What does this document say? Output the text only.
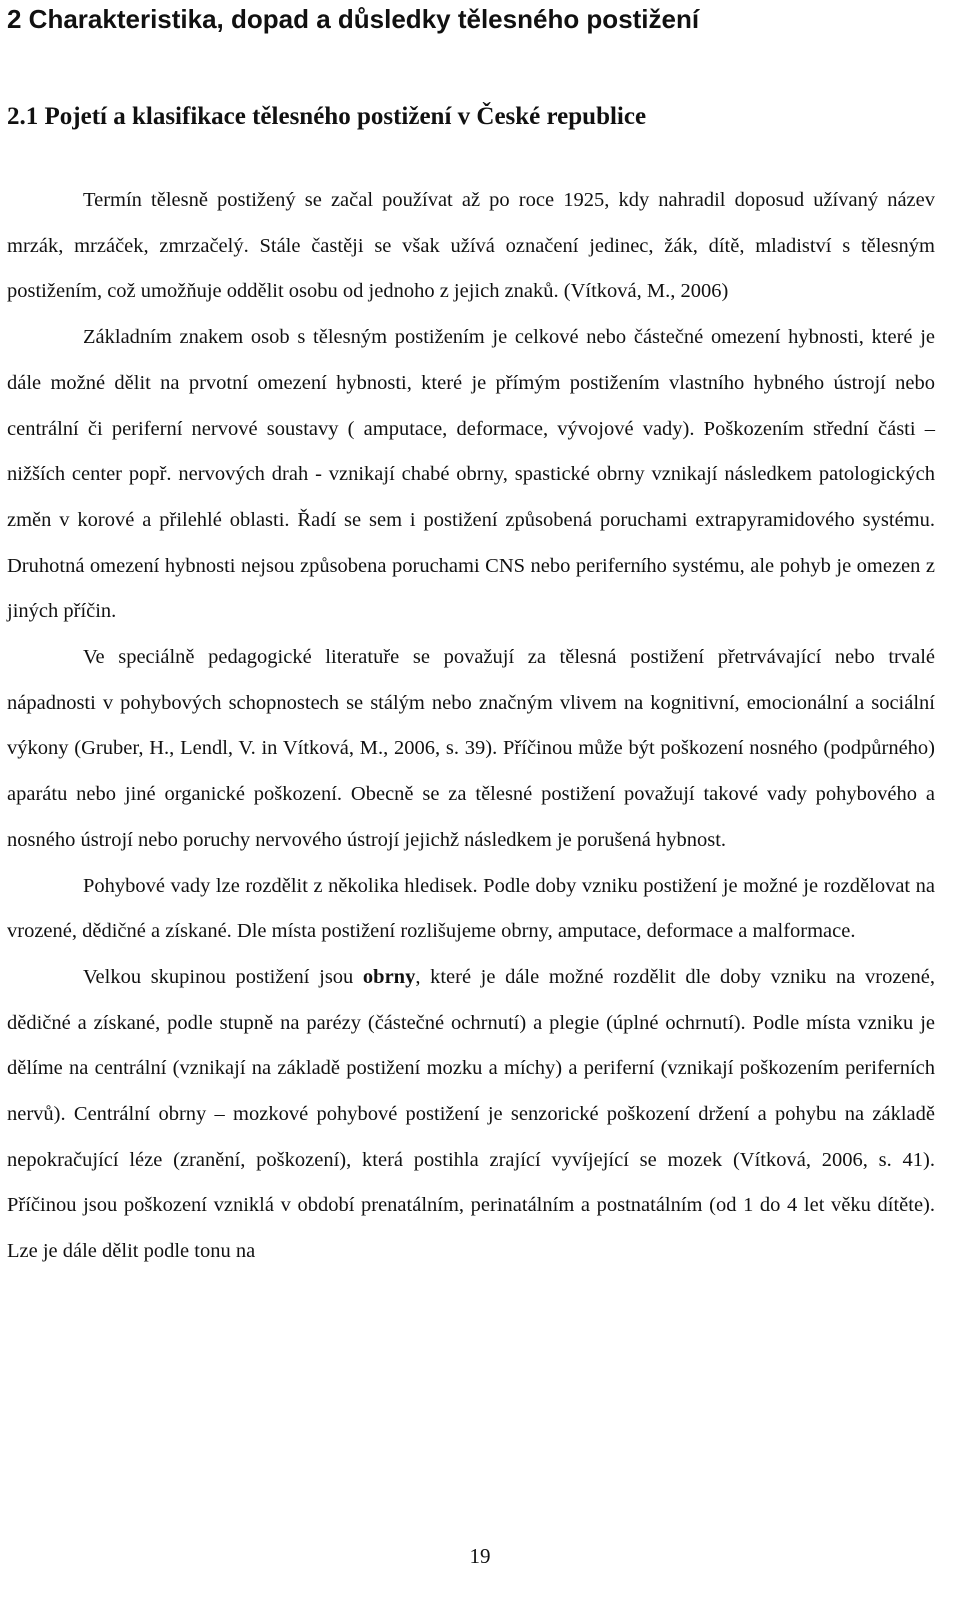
2 Charakteristika, dopad a důsledky tělesného postižení
2.1 Pojetí a klasifikace tělesného postižení v České republice

Termín tělesně postižený se začal používat až po roce 1925, kdy nahradil doposud užívaný název mrzák, mrzáček, zmrzačelý. Stále častěji se však užívá označení jedinec, žák, dítě, mladiství s tělesným postižením, což umožňuje oddělit osobu od jednoho z jejich znaků. (Vítková, M., 2006)

Základním znakem osob s tělesným postižením je celkové nebo částečné omezení hybnosti, které je dále možné dělit na prvotní omezení hybnosti, které je přímým postižením vlastního hybného ústrojí nebo centrální či periferní nervové soustavy ( amputace, deformace, vývojové vady). Poškozením střední části – nižších center popř. nervových drah - vznikají chabé obrny, spastické obrny vznikají následkem patologických změn v korové a přilehlé oblasti. Řadí se sem i postižení způsobená poruchami extrapyramidového systému. Druhotná omezení hybnosti nejsou způsobena poruchami CNS nebo periferního systému, ale pohyb je omezen z jiných příčin.

Ve speciálně pedagogické literatuře se považují za tělesná postižení přetrvávající nebo trvalé nápadnosti v pohybových schopnostech se stálým nebo značným vlivem na kognitivní, emocionální a sociální výkony (Gruber, H., Lendl, V. in Vítková, M., 2006, s. 39). Příčinou může být poškození nosného (podpůrného) aparátu nebo jiné organické poškození. Obecně se za tělesné postižení považují takové vady pohybového a nosného ústrojí nebo poruchy nervového ústrojí jejichž následkem je porušená hybnost.

Pohybové vady lze rozdělit z několika hledisek. Podle doby vzniku postižení je možné je rozdělovat na vrozené, dědičné a získané. Dle místa postižení rozlišujeme obrny, amputace, deformace a malformace.

Velkou skupinou postižení jsou obrny, které je dále možné rozdělit dle doby vzniku na vrozené, dědičné a získané, podle stupně na parézy (částečné ochrnutí) a plegie (úplné ochrnutí). Podle místa vzniku je dělíme na centrální (vznikají na základě postižení mozku a míchy) a periferní (vznikají poškozením periferních nervů). Centrální obrny – mozkové pohybové postižení je senzorické poškození držení a pohybu na základě nepokračující léze (zranění, poškození), která postihla zrající vyvíjející se mozek (Vítková, 2006, s. 41). Příčinou jsou poškození vzniklá v období prenatálním, perinatálním a postnatálním (od 1 do 4 let věku dítěte). Lze je dále dělit podle tonu na

19
